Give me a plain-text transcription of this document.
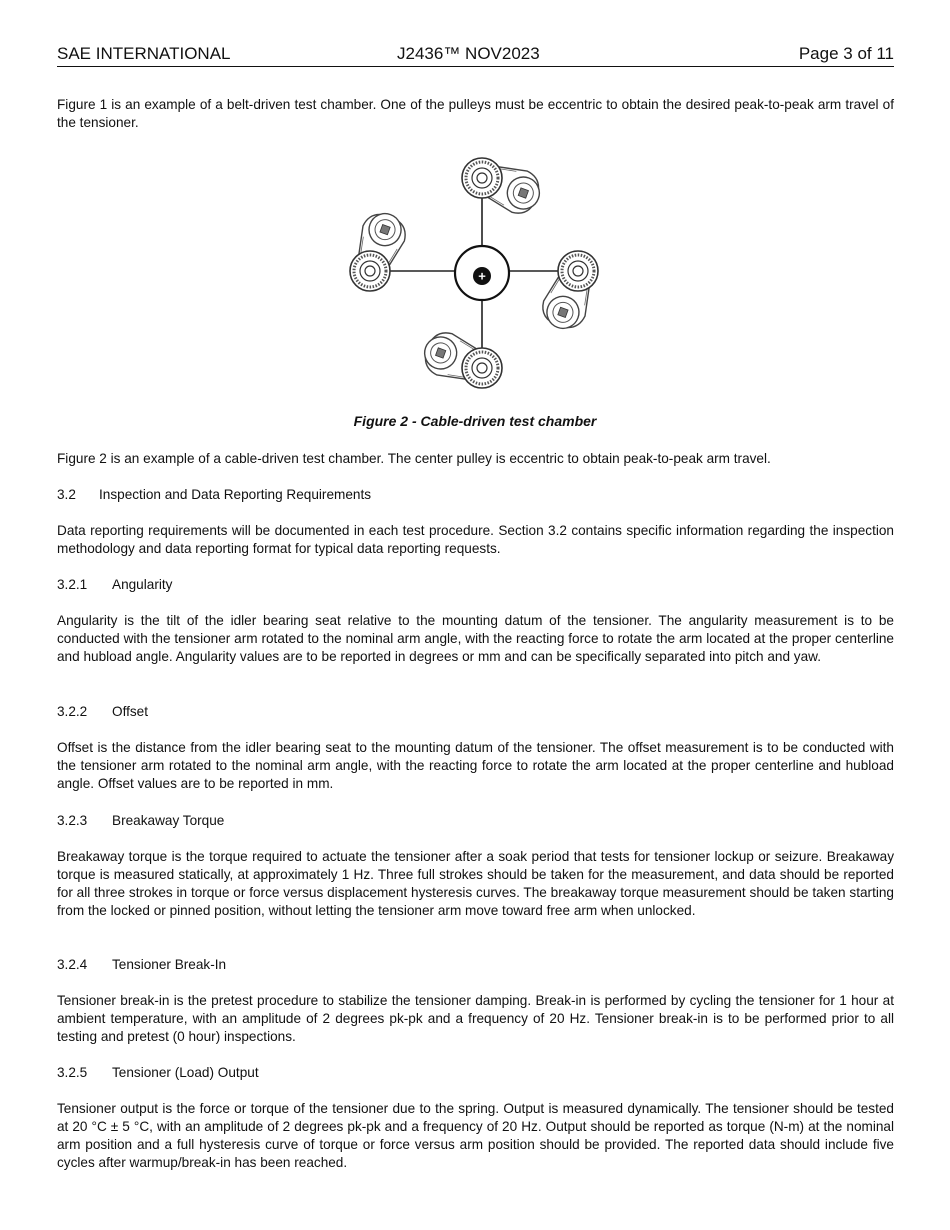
SAE INTERNATIONAL	J2436™ NOV2023	Page 3 of 11

Figure 1 is an example of a belt-driven test chamber. One of the pulleys must be eccentric to obtain the desired peak-to-peak arm travel of the tensioner.

+
Figure 2 - Cable-driven test chamber
Figure 2 is an example of a cable-driven test chamber. The center pulley is eccentric to obtain peak-to-peak arm travel.
3.2 Inspection and Data Reporting Requirements
Data reporting requirements will be documented in each test procedure. Section 3.2 contains specific information regarding the inspection methodology and data reporting format for typical data reporting requests.
3.2.1 Angularity
Angularity is the tilt of the idler bearing seat relative to the mounting datum of the tensioner. The angularity measurement is to be conducted with the tensioner arm rotated to the nominal arm angle, with the reacting force to rotate the arm located at the proper centerline and hubload angle. Angularity values are to be reported in degrees or mm and can be specifically separated into pitch and yaw.
3.2.2 Offset
Offset is the distance from the idler bearing seat to the mounting datum of the tensioner. The offset measurement is to be conducted with the tensioner arm rotated to the nominal arm angle, with the reacting force to rotate the arm located at the proper centerline and hubload angle. Offset values are to be reported in mm.
3.2.3 Breakaway Torque
Breakaway torque is the torque required to actuate the tensioner after a soak period that tests for tensioner lockup or seizure. Breakaway torque is measured statically, at approximately 1 Hz. Three full strokes should be taken for the measurement, and data should be reported for all three strokes in torque or force versus displacement hysteresis curves. The breakaway torque measurement should be taken starting from the locked or pinned position, without letting the tensioner arm move toward free arm when unlocked.
3.2.4 Tensioner Break-In
Tensioner break-in is the pretest procedure to stabilize the tensioner damping. Break-in is performed by cycling the tensioner for 1 hour at ambient temperature, with an amplitude of 2 degrees pk-pk and a frequency of 20 Hz. Tensioner break-in is to be performed prior to all testing and pretest (0 hour) inspections.
3.2.5 Tensioner (Load) Output
Tensioner output is the force or torque of the tensioner due to the spring. Output is measured dynamically. The tensioner should be tested at 20 °C ± 5 °C, with an amplitude of 2 degrees pk-pk and a frequency of 20 Hz. Output should be reported as torque (N-m) at the nominal arm position and a full hysteresis curve of torque or force versus arm position should be provided. The reported data should include five cycles after warmup/break-in has been reached.
